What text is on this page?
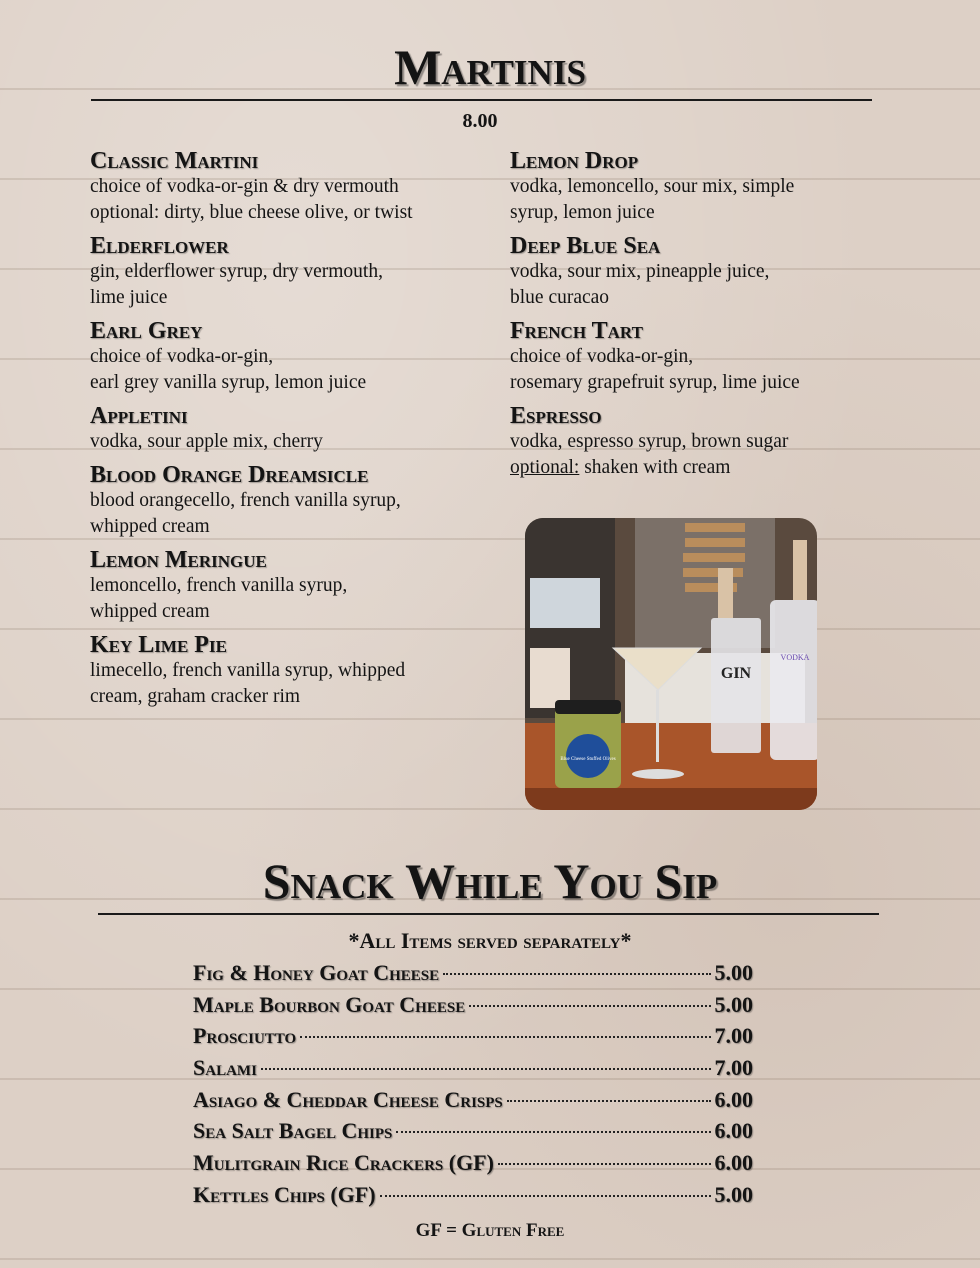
Martinis
8.00
Classic Martini
choice of vodka-or-gin & dry vermouth
optional: dirty, blue cheese olive, or twist
Elderflower
gin, elderflower syrup, dry vermouth,
lime juice
Earl Grey
choice of vodka-or-gin,
earl grey vanilla syrup, lemon juice
Appletini
vodka, sour apple mix, cherry
Blood Orange Dreamsicle
blood orangecello, french vanilla syrup,
whipped cream
Lemon Meringue
lemoncello, french vanilla syrup,
whipped cream
Key Lime Pie
limecello, french vanilla syrup, whipped
cream, graham cracker rim
Lemon Drop
vodka, lemoncello, sour mix, simple
syrup, lemon juice
Deep Blue Sea
vodka, sour mix, pineapple juice,
blue curacao
French Tart
choice of vodka-or-gin,
rosemary grapefruit syrup, lime juice
Espresso
vodka, espresso syrup, brown sugar
optional: shaken with cream
Blue Cheese Stuffed Olives
GIN
VODKA
Snack While You Sip
*All Items served separately*
Fig & Honey Goat Cheese	5.00
Maple Bourbon Goat Cheese	5.00
Prosciutto	7.00
Salami	7.00
Asiago & Cheddar Cheese Crisps	6.00
Sea Salt Bagel Chips	6.00
Mulitgrain Rice Crackers (GF)	6.00
Kettles Chips (GF)	5.00
GF = Gluten Free
